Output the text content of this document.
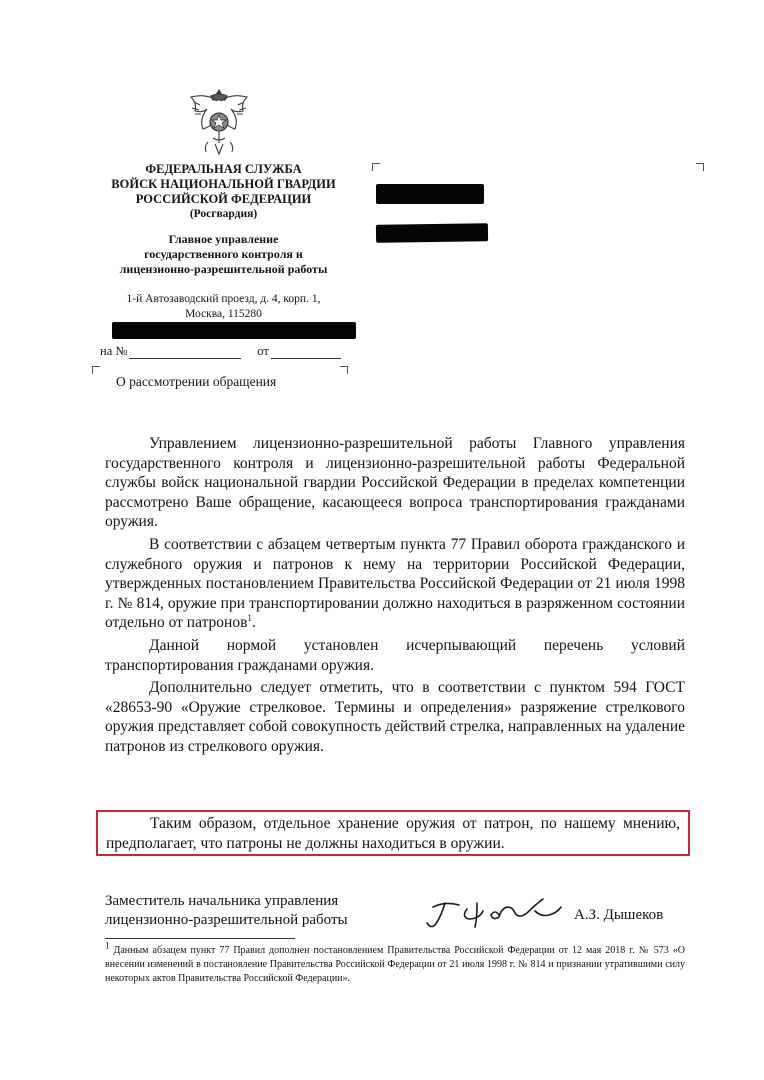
ФЕДЕРАЛЬНАЯ СЛУЖБА
ВОЙСК НАЦИОНАЛЬНОЙ ГВАРДИИ
РОССИЙСКОЙ ФЕДЕРАЦИИ
(Росгвардия)
Главное управление
государственного контроля и
лицензионно-разрешительной работы
1-й Автозаводский проезд, д. 4, корп. 1,
Москва, 115280
на №	от
О рассмотрении обращения

Управлением лицензионно-разрешительной работы Главного управления государственного контроля и лицензионно-разрешительной работы Федеральной службы войск национальной гвардии Российской Федерации в пределах компетенции рассмотрено Ваше обращение, касающееся вопроса транспортирования гражданами оружия.

В соответствии с абзацем четвертым пункта 77 Правил оборота гражданского и служебного оружия и патронов к нему на территории Российской Федерации, утвержденных постановлением Правительства Российской Федерации от 21 июля 1998 г. № 814, оружие при транспортировании должно находиться в разряженном состоянии отдельно от патронов$^1$.

Данной нормой установлен исчерпывающий перечень условий транспортирования гражданами оружия.

Дополнительно следует отметить, что в соответствии с пунктом 594 ГОСТ «28653-90 «Оружие стрелковое. Термины и определения» разряжение стрелкового оружия представляет собой совокупность действий стрелка, направленных на удаление патронов из стрелкового оружия.

Таким образом, отдельное хранение оружия от патрон, по нашему мнению, предполагает, что патроны не должны находиться в оружии.

Заместитель начальника управления
лицензионно-разрешительной работы	А.З. Дышеков
$^1$ Данным абзацем пункт 77 Правил дополнен постановлением Правительства Российской Федерации от 12 мая 2018 г. № 573 «О внесении изменений в постановление Правительства Российской Федерации от 21 июля 1998 г. № 814 и признании утратившими силу некоторых актов Правительства Российской Федерации».
